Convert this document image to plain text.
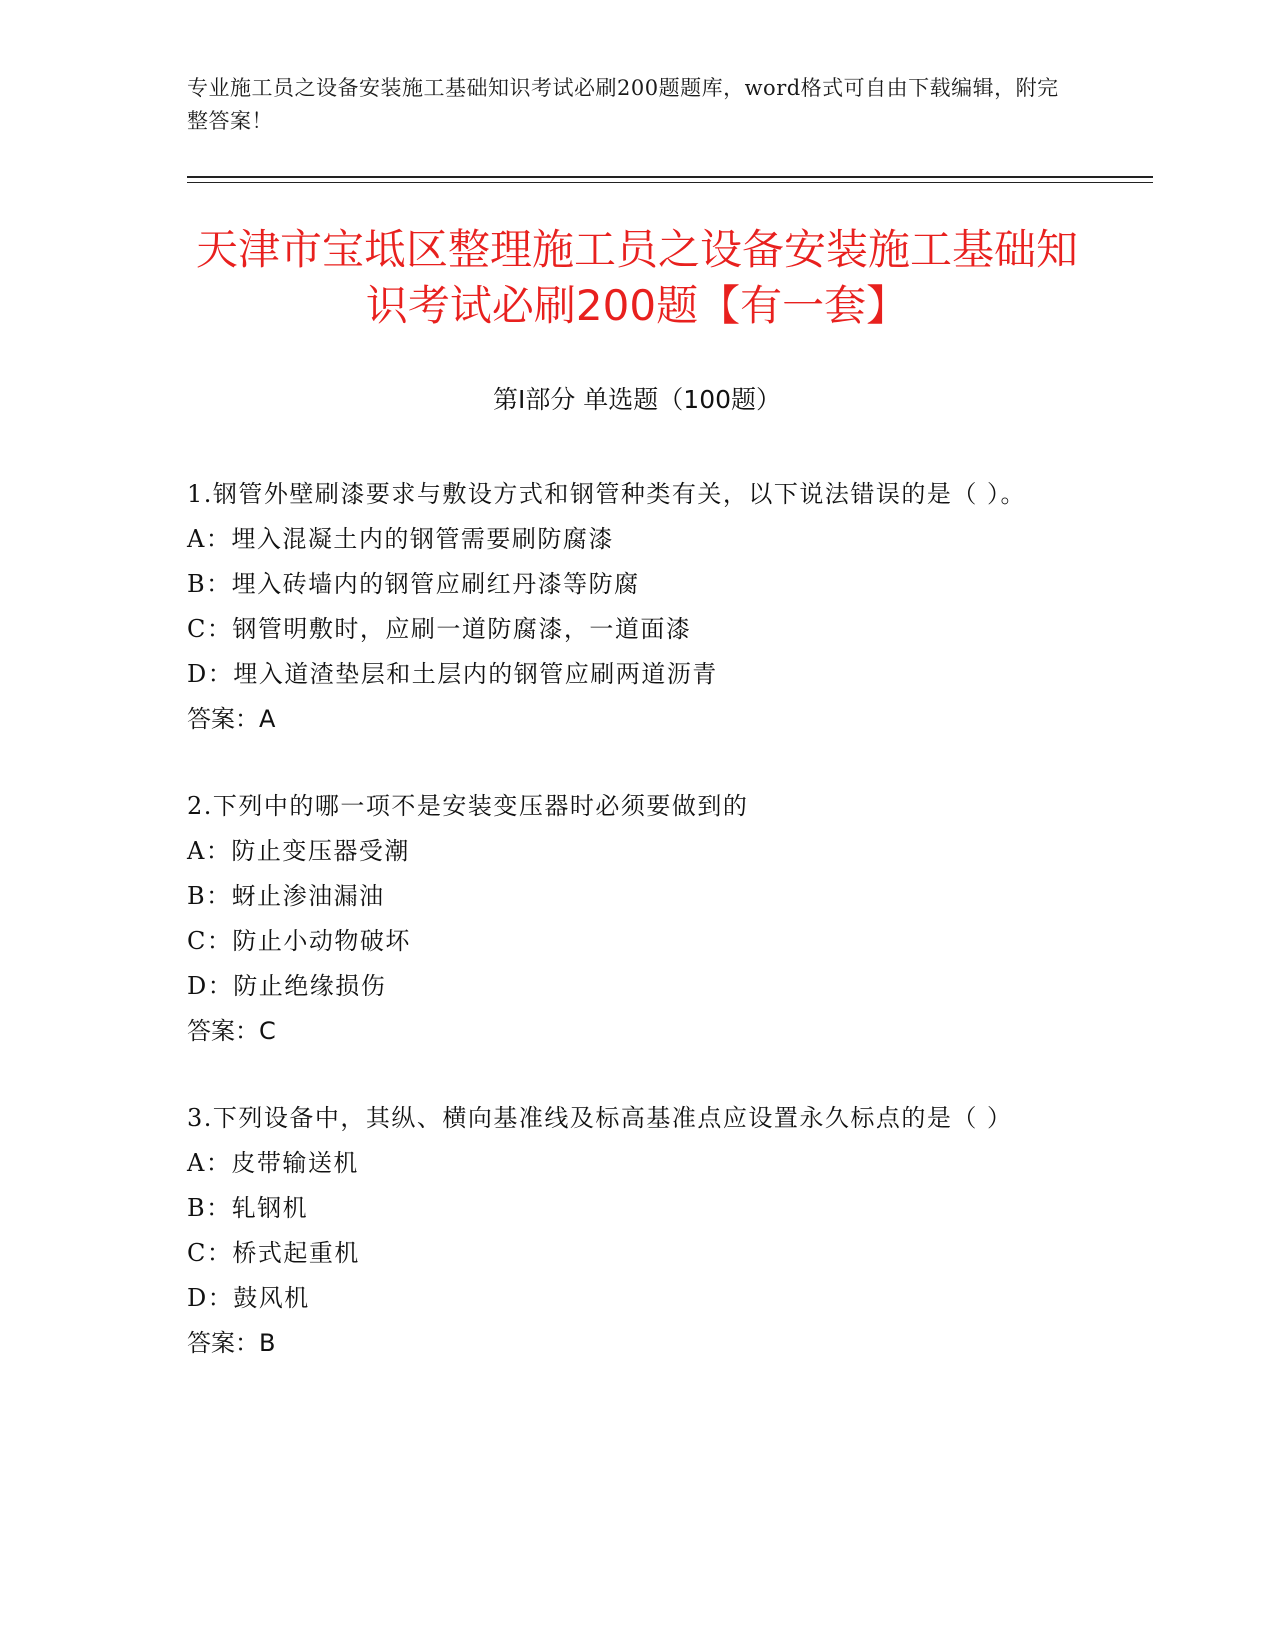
专业施工员之设备安装施工基础知识考试必刷200题题库，word格式可自由下载编辑，附完整答案！
天津市宝坻区整理施工员之设备安装施工基础知识考试必刷200题【有一套】
第Ⅰ部分 单选题（100题）
1.钢管外壁刷漆要求与敷设方式和钢管种类有关，以下说法错误的是（ ）。
A：埋入混凝土内的钢管需要刷防腐漆
B：埋入砖墙内的钢管应刷红丹漆等防腐
C：钢管明敷时，应刷一道防腐漆，一道面漆
D：埋入道渣垫层和土层内的钢管应刷两道沥青
答案：A
2.下列中的哪一项不是安装变压器时必须要做到的
A：防止变压器受潮
B：蚜止渗油漏油
C：防止小动物破坏
D：防止绝缘损伤
答案：C
3.下列设备中，其纵、横向基准线及标高基准点应设置永久标点的是（ ）
A：皮带输送机
B：轧钢机
C：桥式起重机
D：鼓风机
答案：B
